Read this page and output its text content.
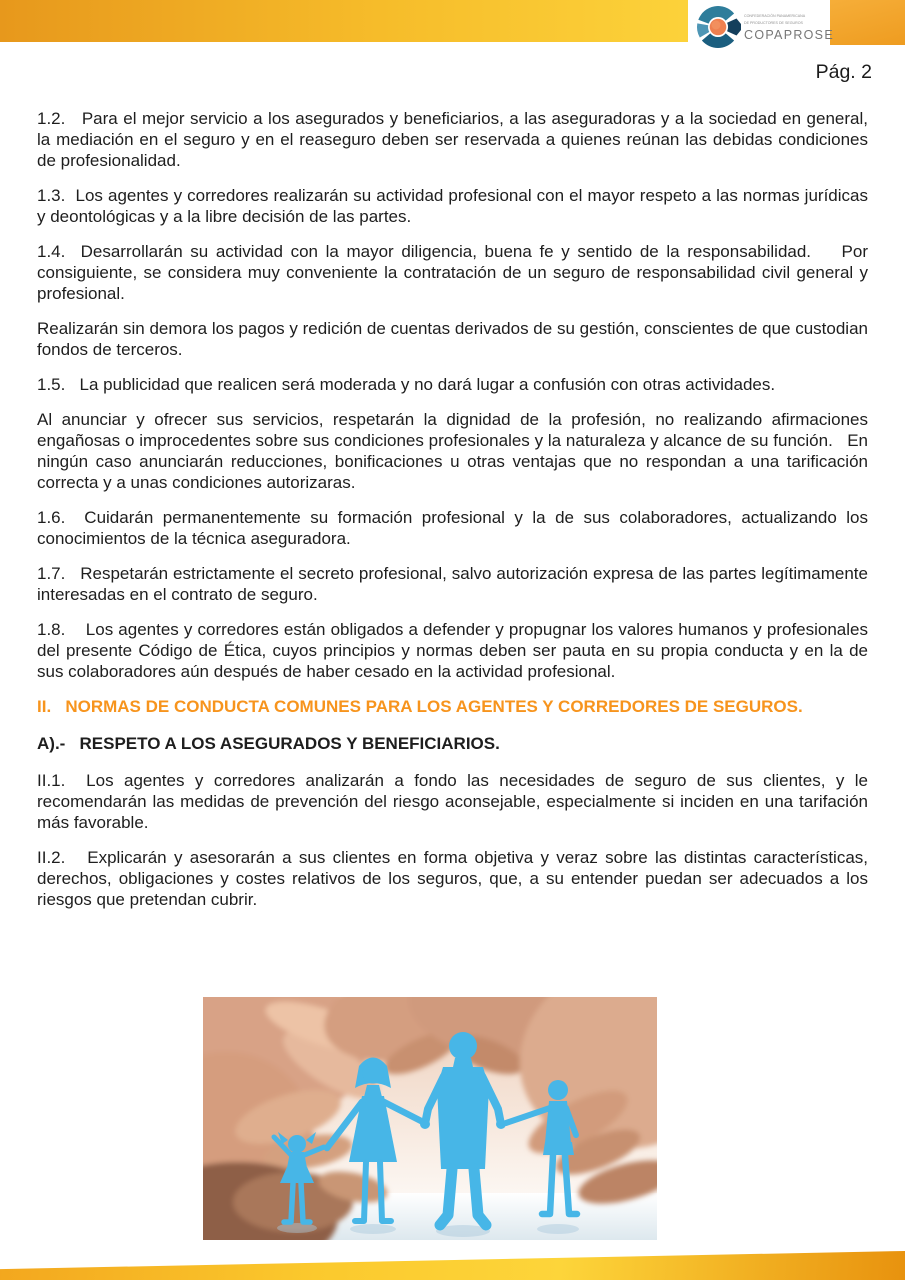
CONFEDERACIÓN PANAMERICANA
DE PRODUCTORES DE SEGUROS
COPAPROSE
Pág. 2

1.2.   Para el mejor servicio a los asegurados y beneficiarios, a las aseguradoras y a la sociedad en general, la mediación en el seguro y en el reaseguro deben ser reservada a quienes reúnan las debidas condiciones de profesionalidad.

1.3.  Los agentes y corredores realizarán su actividad profesional con el mayor respeto a las normas jurídicas y deontológicas y a la libre decisión de las partes.

1.4.  Desarrollarán su actividad con la mayor diligencia, buena fe y sentido de la responsabilidad.    Por consiguiente, se considera muy conveniente la contratación de un seguro de responsabilidad civil general y profesional.

Realizarán sin demora los pagos y redición de cuentas derivados de su gestión, conscientes de que custodian fondos de terceros.

1.5.   La publicidad que realicen será moderada y no dará lugar a confusión con otras actividades.

Al anunciar y ofrecer sus servicios, respetarán la dignidad de la profesión, no realizando afirmaciones engañosas o improcedentes sobre sus condiciones profesionales y la naturaleza y alcance de su función.   En ningún caso anunciarán reducciones, bonificaciones u otras ventajas que no respondan a una tarificación correcta y a unas condiciones autorizaras.

1.6.  Cuidarán permanentemente su formación profesional y la de sus colaboradores, actualizando los conocimientos de la técnica aseguradora.

1.7.   Respetarán estrictamente el secreto profesional, salvo autorización expresa de las partes legítimamente interesadas en el contrato de seguro.

1.8.    Los agentes y corredores están obligados a defender y propugnar los valores humanos y profesionales del presente Código de Ética, cuyos principios y normas deben ser pauta en su propia conducta y en la de sus colaboradores aún después de haber cesado en la actividad profesional.

II.   NORMAS DE CONDUCTA COMUNES PARA LOS AGENTES Y CORREDORES DE SEGUROS.

A).-   RESPETO A LOS ASEGURADOS Y BENEFICIARIOS.

II.1.  Los agentes y corredores analizarán a fondo las necesidades de seguro de sus clientes, y le recomendarán las medidas de prevención del riesgo aconsejable, especialmente si inciden en una tarifación más favorable.

II.2.   Explicarán y asesorarán a sus clientes en forma objetiva y veraz sobre las distintas características, derechos, obligaciones y costes relativos de los seguros, que, a su entender puedan ser adecuados a los riesgos que pretendan cubrir.
